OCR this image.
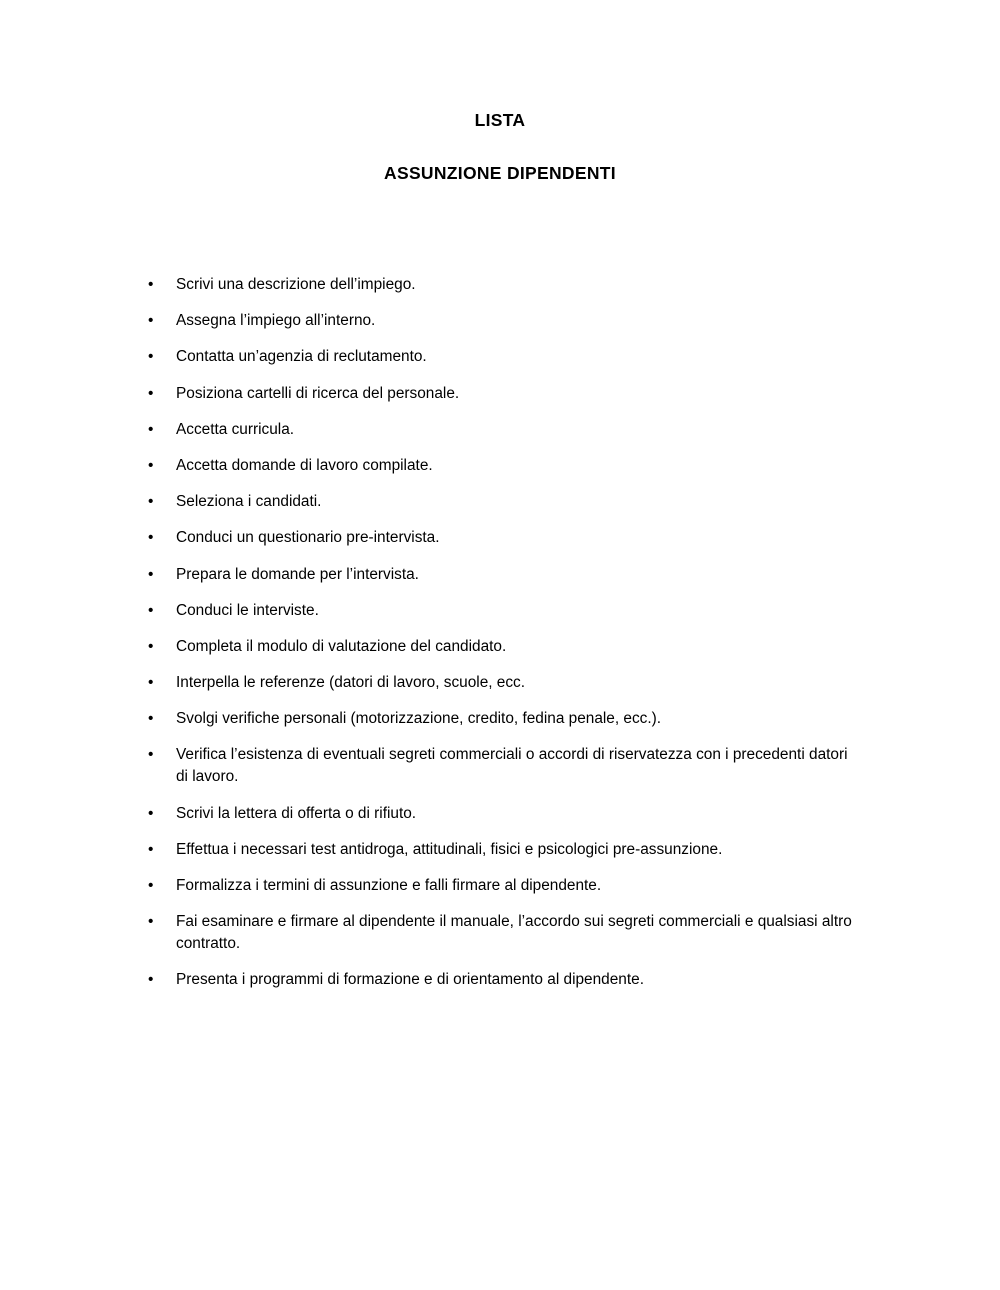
LISTA
ASSUNZIONE DIPENDENTI
•	Scrivi una descrizione dell’impiego.
•	Assegna l’impiego all’interno.
•	Contatta un’agenzia di reclutamento.
•	Posiziona cartelli di ricerca del personale.
•	Accetta curricula.
•	Accetta domande di lavoro compilate.
•	Seleziona i candidati.
•	Conduci un questionario pre-intervista.
•	Prepara le domande per l’intervista.
•	Conduci le interviste.
•	Completa il modulo di valutazione del candidato.
•	Interpella le referenze (datori di lavoro, scuole, ecc.
•	Svolgi verifiche personali (motorizzazione, credito, fedina penale, ecc.).
•	Verifica l’esistenza di eventuali segreti commerciali o accordi di riservatezza con i precedenti datori di lavoro.
•	Scrivi la lettera di offerta o di rifiuto.
•	Effettua i necessari test antidroga, attitudinali, fisici e psicologici pre-assunzione.
•	Formalizza i termini di assunzione e falli firmare al dipendente.
•	Fai esaminare e firmare al dipendente il manuale, l’accordo sui segreti commerciali e qualsiasi altro contratto.
•	Presenta i programmi di formazione e di orientamento al dipendente.
